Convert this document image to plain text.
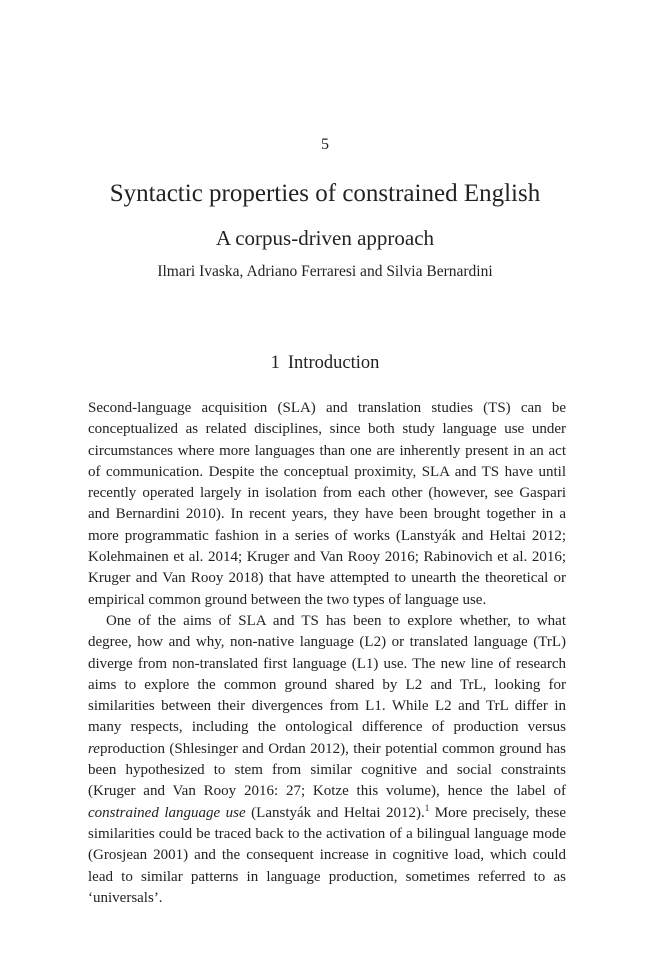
5
Syntactic properties of constrained English
A corpus-driven approach
Ilmari Ivaska, Adriano Ferraresi and Silvia Bernardini
1 Introduction

Second-language acquisition (SLA) and translation studies (TS) can be conceptualized as related disciplines, since both study language use under circumstances where more languages than one are inherently present in an act of communication. Despite the conceptual proximity, SLA and TS have until recently operated largely in isolation from each other (however, see Gaspari and Bernardini 2010). In recent years, they have been brought together in a more programmatic fashion in a series of works (Lanstyák and Heltai 2012; Kolehmainen et al. 2014; Kruger and Van Rooy 2016; Rabinovich et al. 2016; Kruger and Van Rooy 2018) that have attempted to unearth the theoretical or empirical common ground between the two types of language use.

One of the aims of SLA and TS has been to explore whether, to what degree, how and why, non-native language (L2) or translated language (TrL) diverge from non-translated first language (L1) use. The new line of research aims to explore the common ground shared by L2 and TrL, looking for similarities between their divergences from L1. While L2 and TrL differ in many respects, including the ontological difference of production versus reproduction (Shlesinger and Ordan 2012), their potential common ground has been hypothesized to stem from similar cognitive and social constraints (Kruger and Van Rooy 2016: 27; Kotze this volume), hence the label of constrained language use (Lanstyák and Heltai 2012).$^1$ More precisely, these similarities could be traced back to the activation of a bilingual language mode (Grosjean 2001) and the consequent increase in cognitive load, which could lead to similar patterns in language production, sometimes referred to as ‘universals’.
